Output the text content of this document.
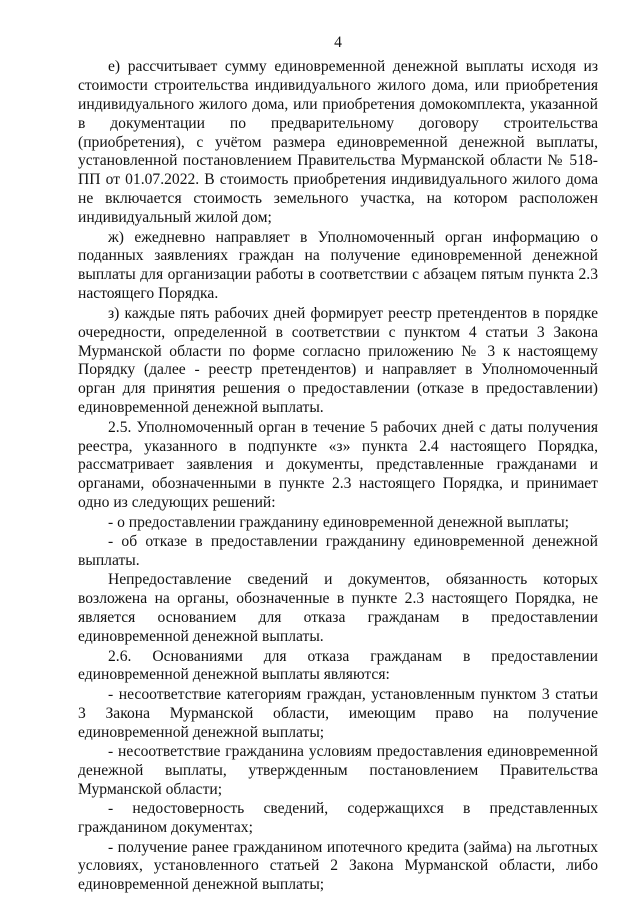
4

е) рассчитывает сумму единовременной денежной выплаты исходя из стоимости строительства индивидуального жилого дома, или приобретения индивидуального жилого дома, или приобретения домокомплекта, указанной в документации по предварительному договору строительства (приобретения), с учётом размера единовременной денежной выплаты, установленной постановлением Правительства Мурманской области № 518-ПП от 01.07.2022. В стоимость приобретения индивидуального жилого дома не включается стоимость земельного участка, на котором расположен индивидуальный жилой дом;

ж) ежедневно направляет в Уполномоченный орган информацию о поданных заявлениях граждан на получение единовременной денежной выплаты для организации работы в соответствии с абзацем пятым пункта 2.3 настоящего Порядка.

з) каждые пять рабочих дней формирует реестр претендентов в порядке очередности, определенной в соответствии с пунктом 4 статьи 3 Закона Мурманской области по форме согласно приложению № 3 к настоящему Порядку (далее - реестр претендентов) и направляет в Уполномоченный орган для принятия решения о предоставлении (отказе в предоставлении) единовременной денежной выплаты.

2.5. Уполномоченный орган в течение 5 рабочих дней с даты получения реестра, указанного в подпункте «з» пункта 2.4 настоящего Порядка, рассматривает заявления и документы, представленные гражданами и органами, обозначенными в пункте 2.3 настоящего Порядка, и принимает одно из следующих решений:

- о предоставлении гражданину единовременной денежной выплаты;

- об отказе в предоставлении гражданину единовременной денежной выплаты.

Непредоставление сведений и документов, обязанность которых возложена на органы, обозначенные в пункте 2.3 настоящего Порядка, не является основанием для отказа гражданам в предоставлении единовременной денежной выплаты.

2.6. Основаниями для отказа гражданам в предоставлении единовременной денежной выплаты являются:

- несоответствие категориям граждан, установленным пунктом 3 статьи 3 Закона Мурманской области, имеющим право на получение единовременной денежной выплаты;

- несоответствие гражданина условиям предоставления единовременной денежной выплаты, утвержденным постановлением Правительства Мурманской области;

- недостоверность сведений, содержащихся в представленных гражданином документах;

- получение ранее гражданином ипотечного кредита (займа) на льготных условиях, установленного статьей 2 Закона Мурманской области, либо единовременной денежной выплаты;
